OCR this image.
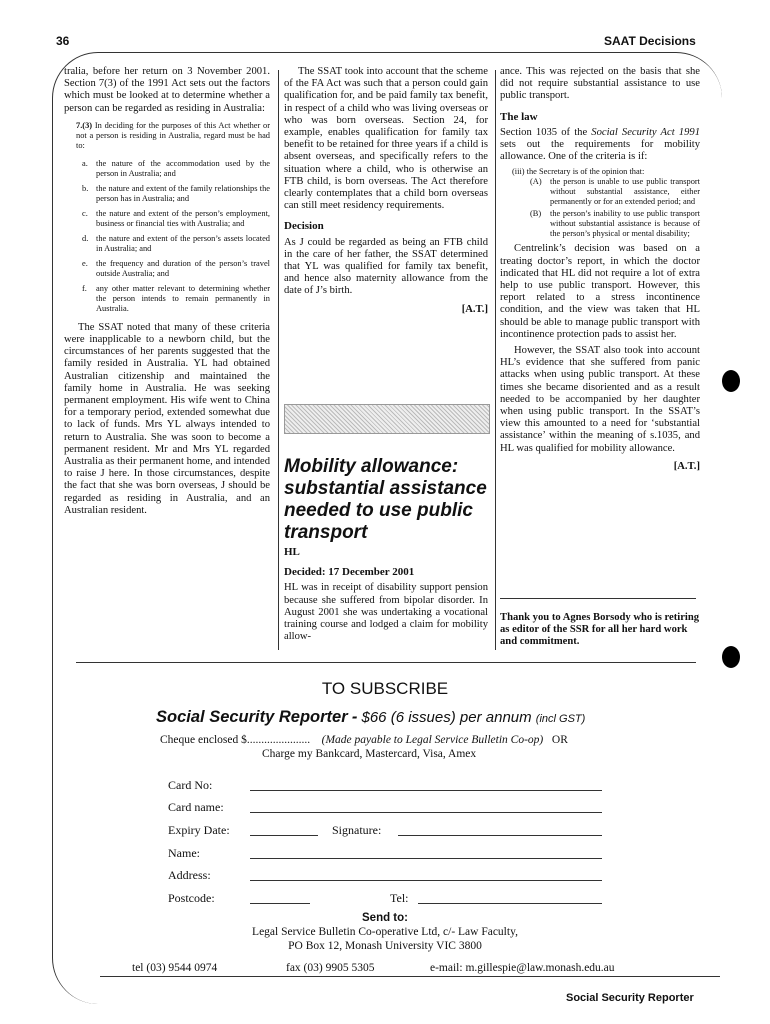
36	SAAT Decisions

tralia, before her return on 3 November 2001. Section 7(3) of the 1991 Act sets out the factors which must be looked at to determine whether a person can be regarded as residing in Australia:

7.(3) In deciding for the purposes of this Act whether or not a person is residing in Australia, regard must be had to:

a. the nature of the accommodation used by the person in Australia; and
b. the nature and extent of the family relationships the person has in Australia; and
c. the nature and extent of the person’s employment, business or financial ties with Australia; and
d. the nature and extent of the person’s assets located in Australia; and
e. the frequency and duration of the person’s travel outside Australia; and
f.	any other matter relevant to determining whether the person intends to remain permanently in Australia.

The SSAT noted that many of these criteria were inapplicable to a newborn child, but the circumstances of her parents suggested that the family resided in Australia. YL had obtained Australian citizenship and maintained the family home in Australia. He was seeking permanent employment. His wife went to China for a temporary period, extended somewhat due to lack of funds. Mrs YL always intended to return to Australia. She was soon to become a permanent resident. Mr and Mrs YL regarded Australia as their permanent home, and intended to raise J here. In those circumstances, despite the fact that she was born overseas, J should be regarded as residing in Australia, and an Australian resident.

The SSAT took into account that the scheme of the FA Act was such that a person could gain qualification for, and be paid family tax benefit, in respect of a child who was living overseas or who was born overseas. Section 24, for example, enables qualification for family tax benefit to be retained for three years if a child is absent overseas, and specifically refers to the situation where a child, who is otherwise an FTB child, is born overseas. The Act therefore clearly contemplates that a child born overseas can still meet residency requirements.

Decision

As J could be regarded as being an FTB child in the care of her father, the SSAT determined that YL was qualified for family tax benefit, and hence also maternity allowance from the date of J’s birth.

[A.T.]
Mobility allowance: substantial assistance needed to use public transport
HL
Decided: 17 December 2001

HL was in receipt of disability support pension because she suffered from bipolar disorder. In August 2001 she was undertaking a vocational training course and lodged a claim for mobility allow-

ance. This was rejected on the basis that she did not require substantial assistance to use public transport.

The law

Section 1035 of the Social Security Act 1991 sets out the requirements for mobility allowance. One of the criteria is if:

(iii) the Secretary is of the opinion that:
(A) the person is unable to use public transport without substantial assistance, either permanently or for an extended period; and
(B)	the person’s inability to use public transport without substantial assistance is because of the person’s physical or mental disability;

Centrelink’s decision was based on a treating doctor’s report, in which the doctor indicated that HL did not require a lot of extra help to use public transport. However, this report related to a stress incontinence condition, and the view was taken that HL should be able to manage public transport with incontinence protection pads to assist her.

However, the SSAT also took into account HL’s evidence that she suffered from panic attacks when using public transport. At these times she became disoriented and as a result needed to be accompanied by her daughter when using public transport. In the SSAT’s view this amounted to a need for ‘substantial assistance’ within the meaning of s.1035, and HL was qualified for mobility allowance.

[A.T.]

Thank you to Agnes Borsody who is retiring as editor of the SSR for all her hard work and commitment.

TO SUBSCRIBE
Social Security Reporter - $66 (6 issues) per annum (incl GST)
Cheque enclosed $...................... (Made payable to Legal Service Bulletin Co-op) OR
Charge my Bankcard, Mastercard, Visa, Amex
Card No:
Card name:
Expiry Date:	Signature:
Name:
Address:
Postcode:	Tel:
Send to:
Legal Service Bulletin Co-operative Ltd, c/- Law Faculty,
PO Box 12, Monash University VIC 3800
tel (03) 9544 0974	fax (03) 9905 5305	e-mail: m.gillespie@law.monash.edu.au
Social Security Reporter
